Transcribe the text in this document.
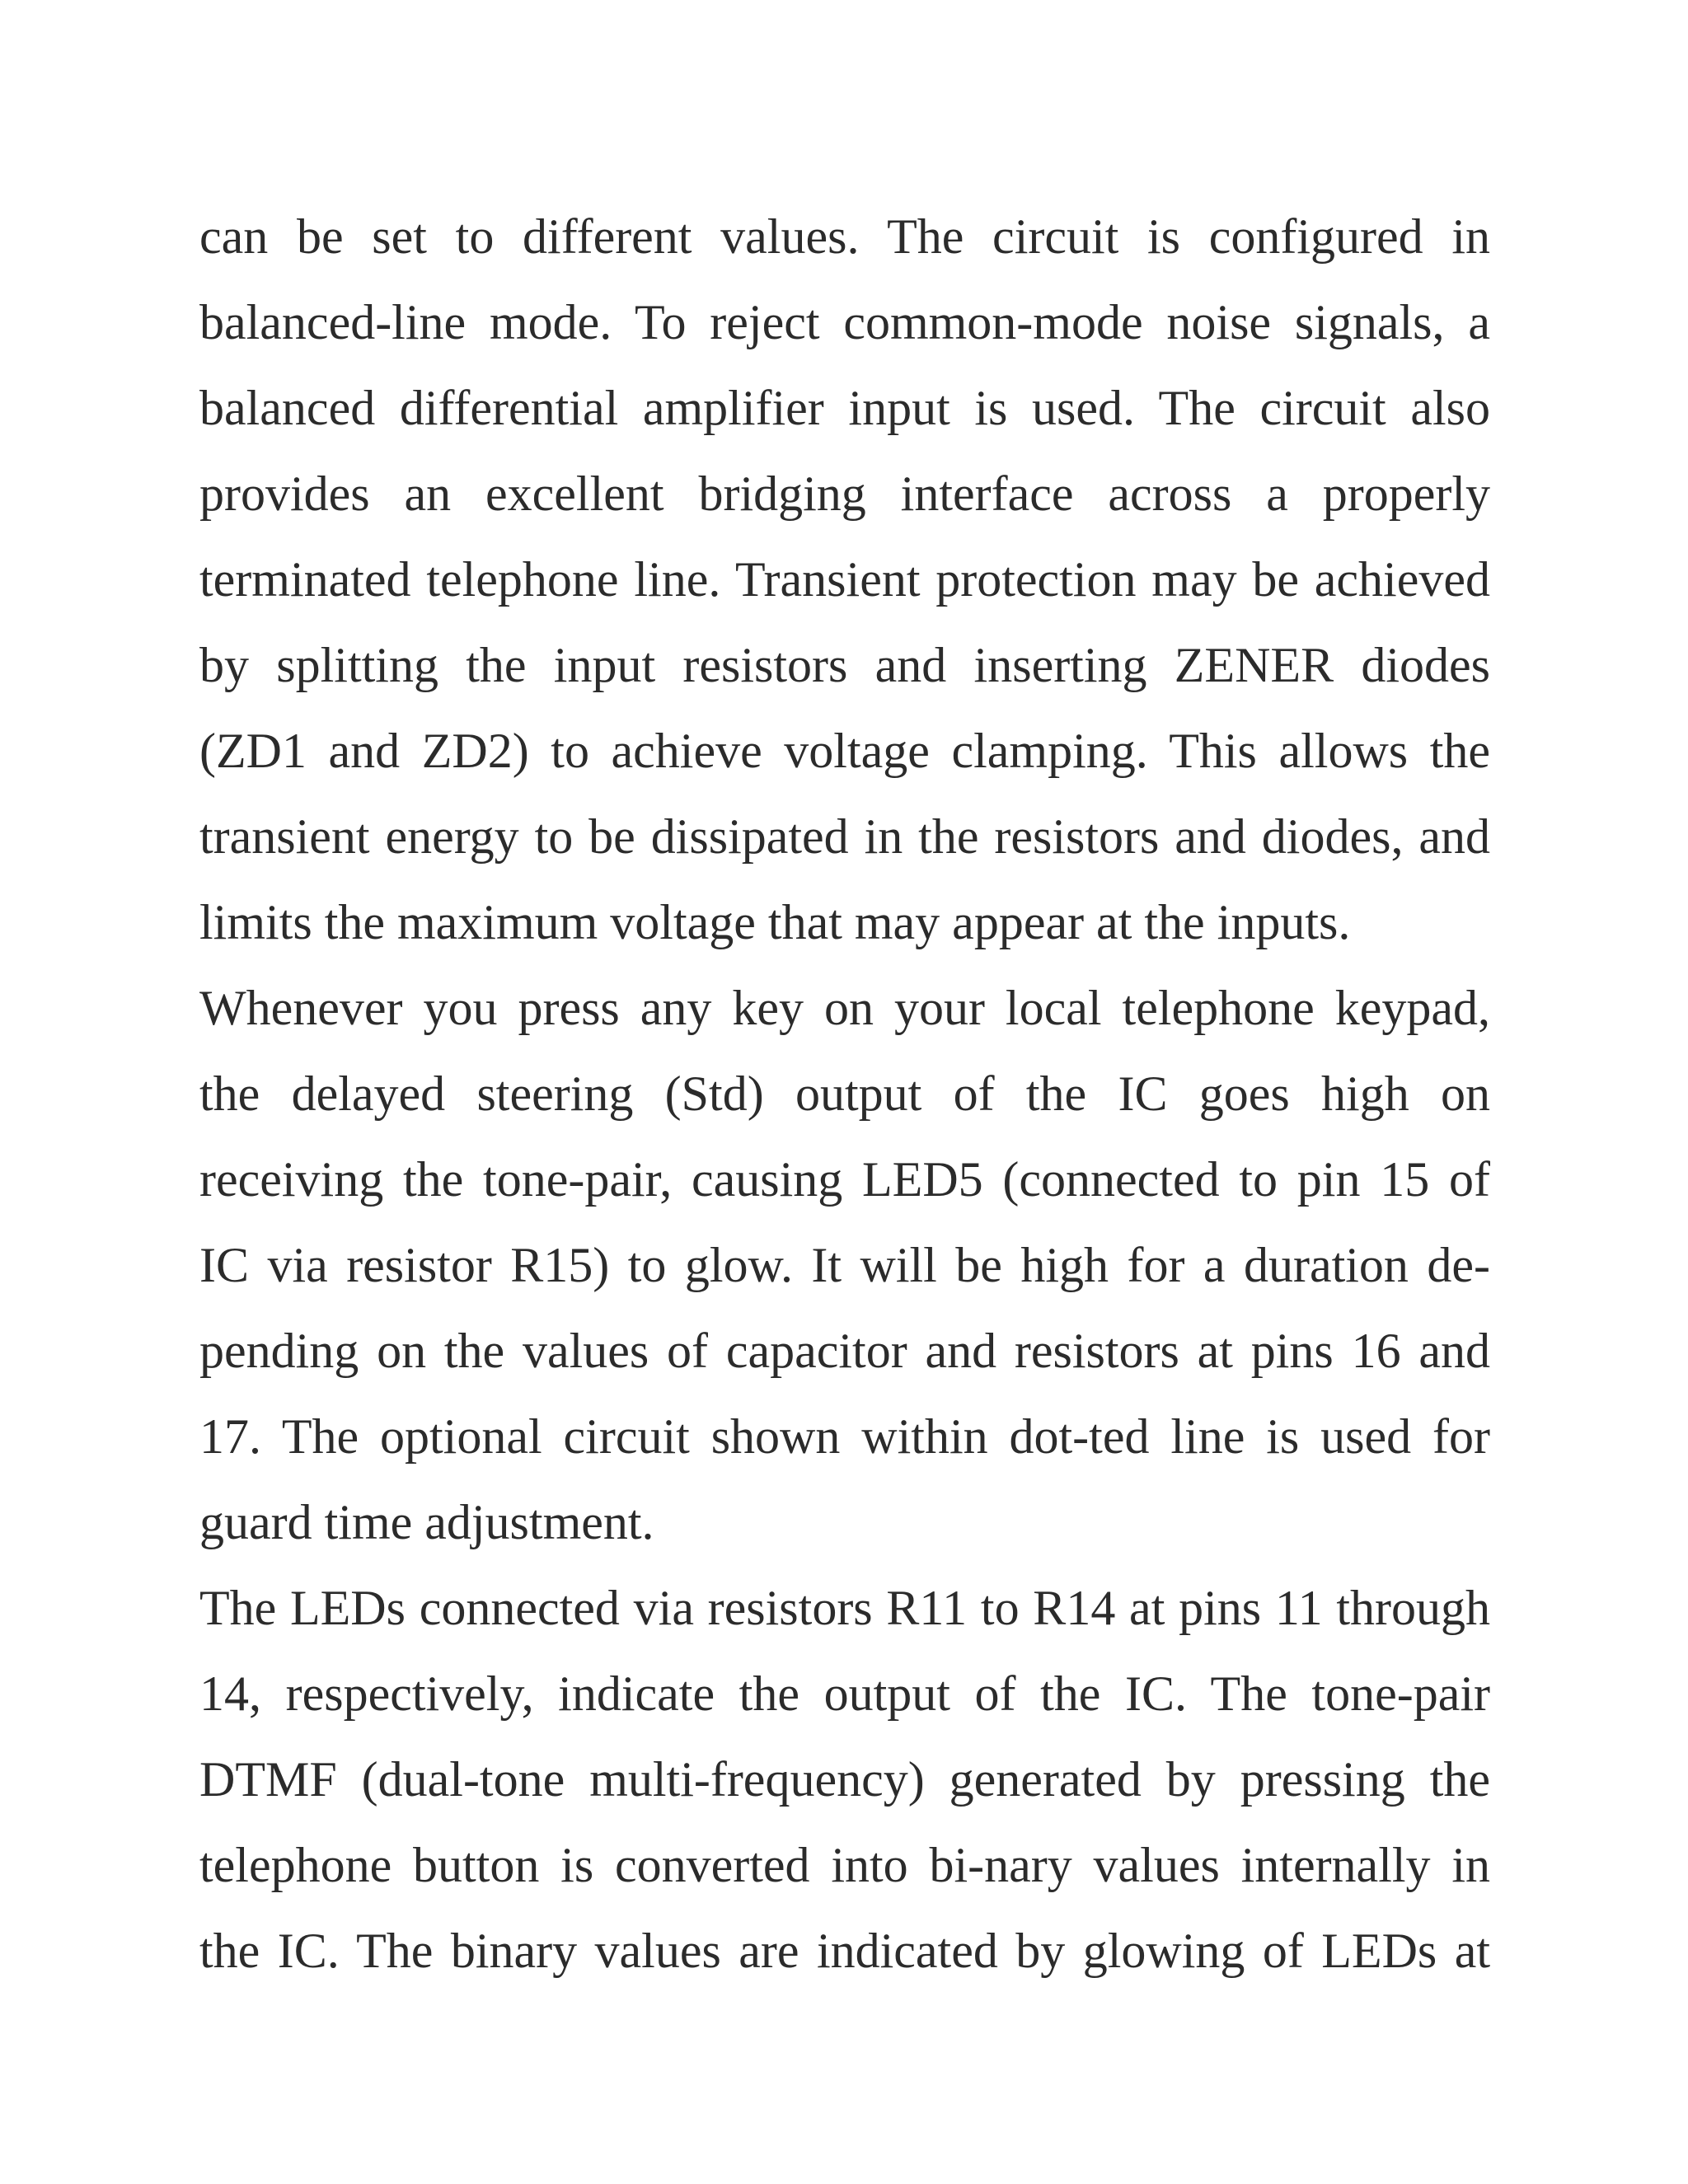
can be set to different values. The circuit is configured in
balanced-line mode. To reject common-mode noise signals, a
balanced differential amplifier input is used. The circuit also
provides an excellent bridging interface across a properly
terminated telephone line. Transient protection may be achieved
by splitting the input resistors and inserting ZENER diodes
(ZD1 and ZD2) to achieve voltage clamping. This allows the
transient energy to be dissipated in the resistors and diodes, and
limits the maximum voltage that may appear at the inputs.
Whenever you press any key on your local telephone keypad,
the delayed steering (Std) output of the IC goes high on
receiving the tone-pair, causing LED5 (connected to pin 15 of
IC via resistor R15) to glow. It will be high for a duration de-
pending on the values of capacitor and resistors at pins 16 and
17. The optional circuit shown within dot-ted line is used for
guard time adjustment.
The LEDs connected via resistors R11 to R14 at pins 11 through
14, respectively, indicate the output of the IC. The tone-pair
DTMF (dual-tone multi-frequency) generated by pressing the
telephone button is converted into bi-nary values internally in
the IC. The binary values are indicated by glowing of LEDs at
